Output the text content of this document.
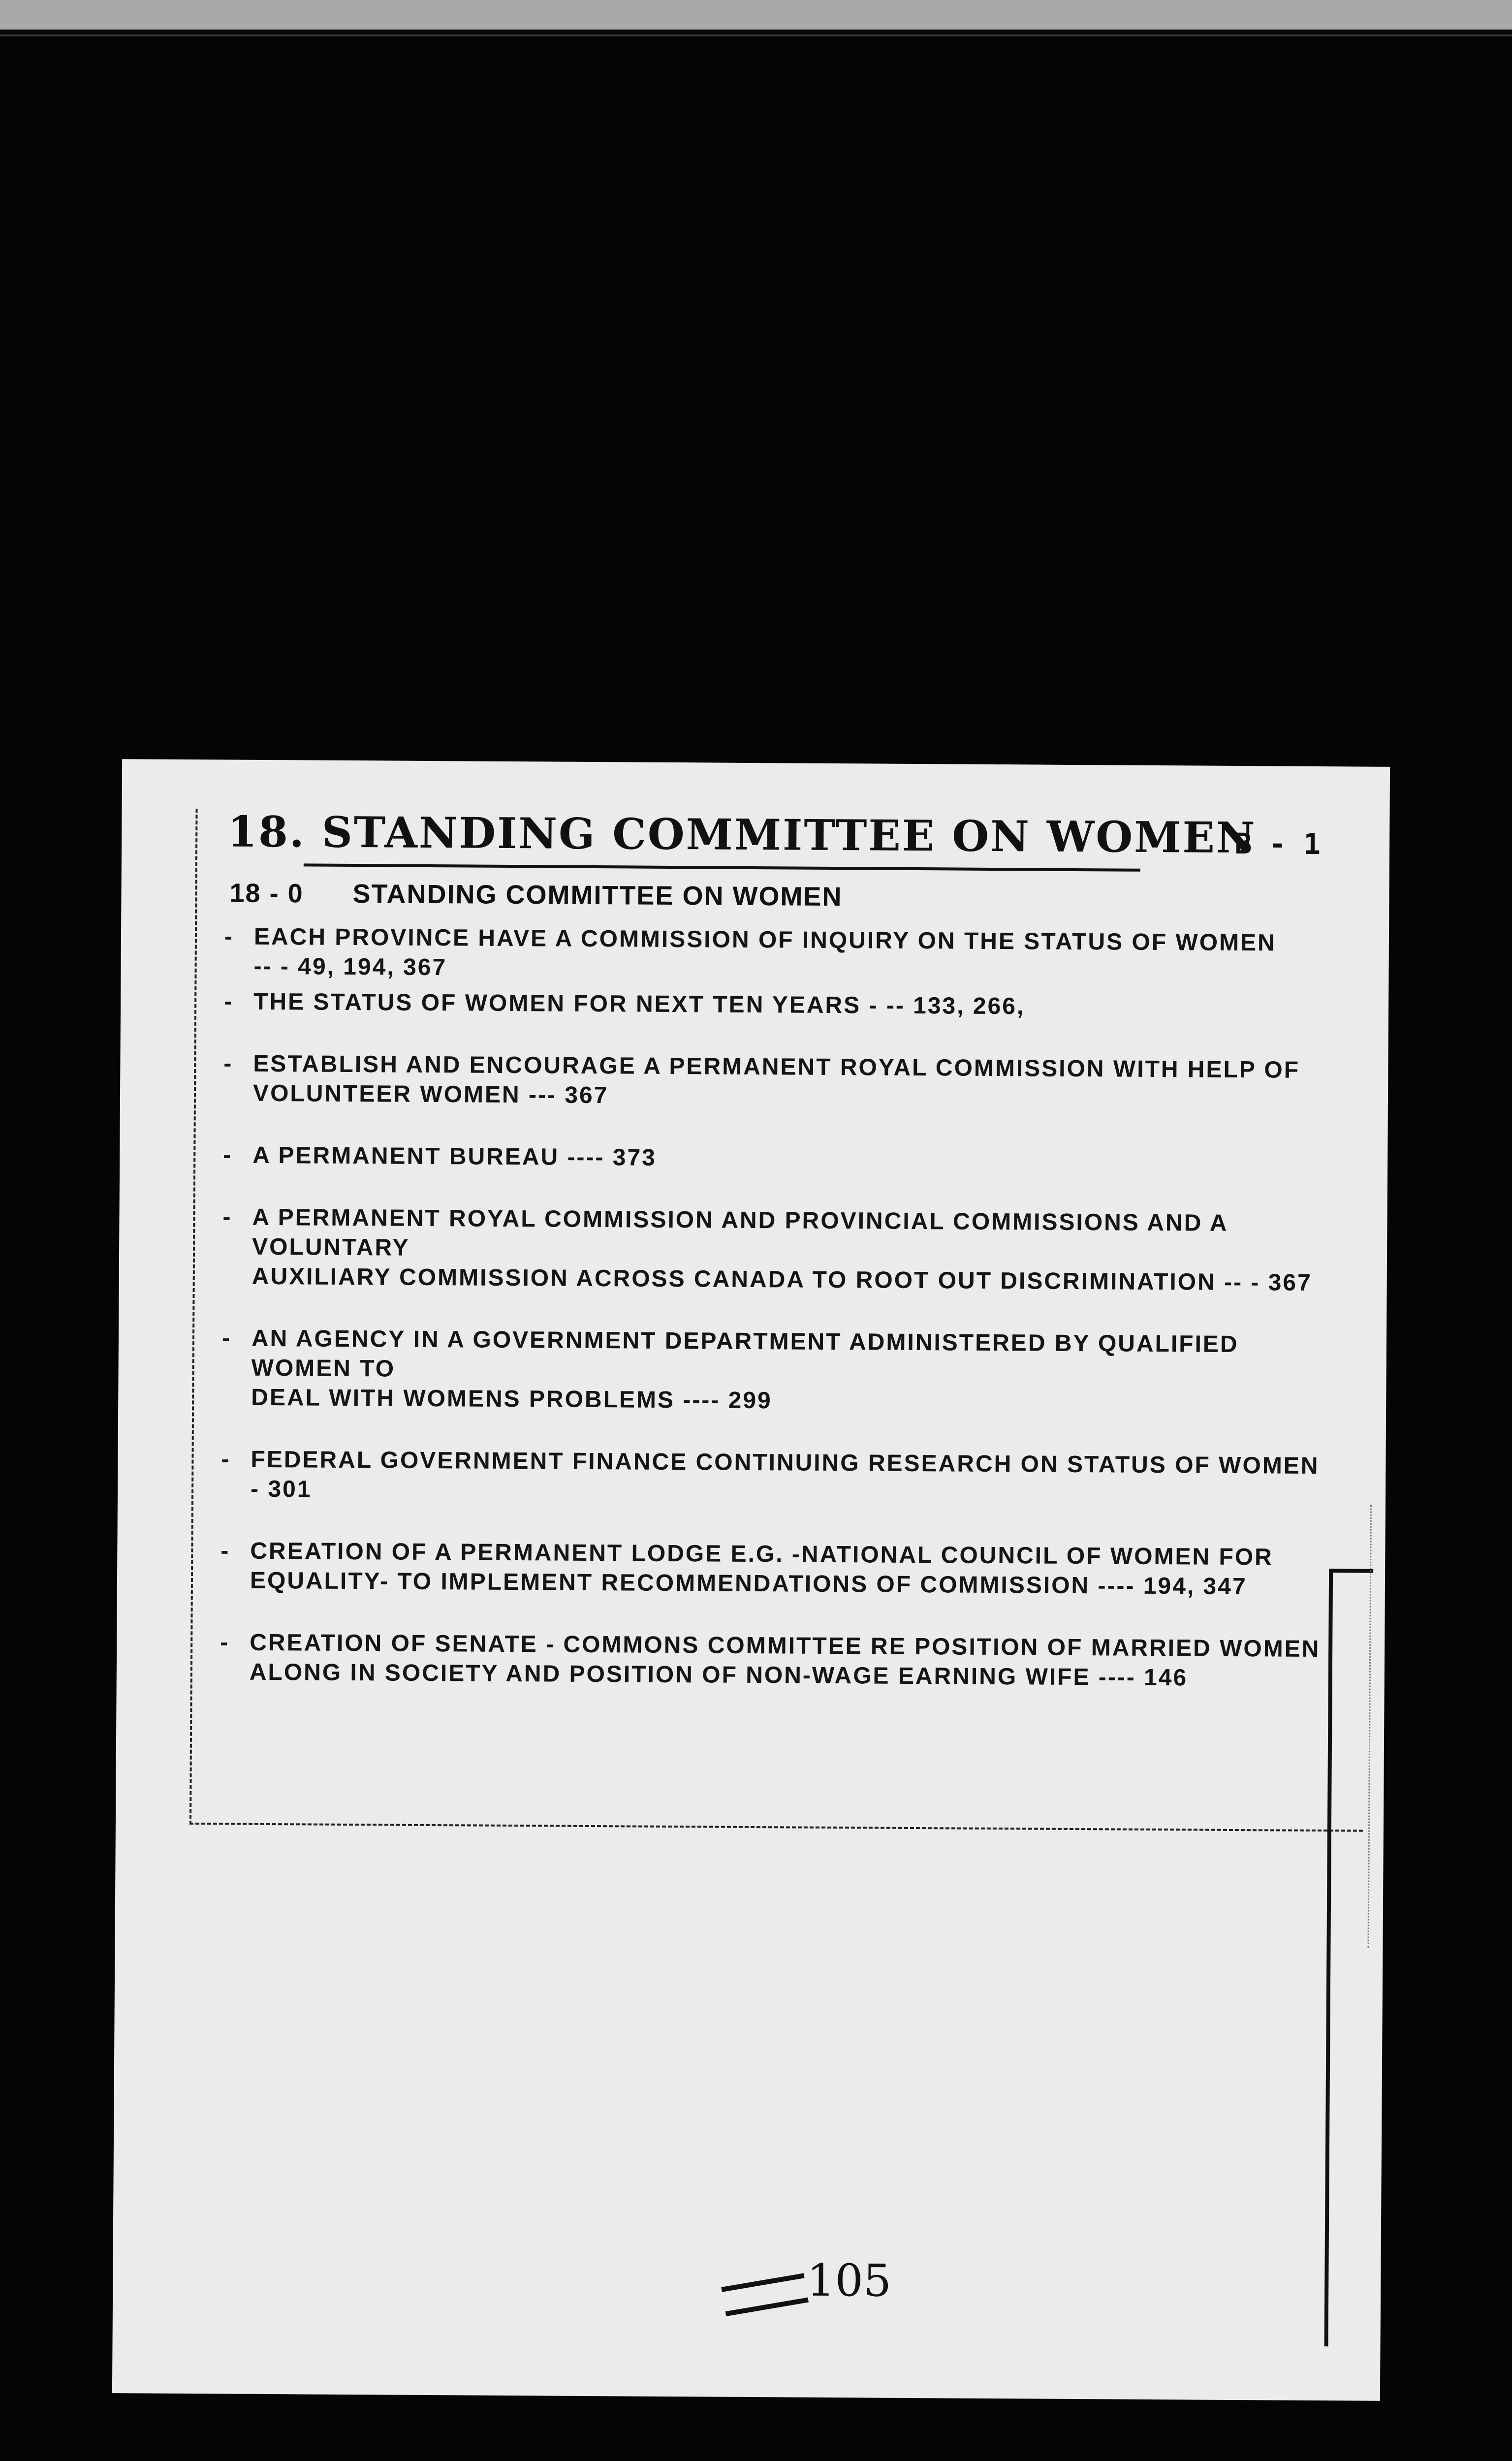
18. STANDING COMMITTEE ON WOMEN
B - 1
18 - 0 STANDING COMMITTEE ON WOMEN
- EACH PROVINCE HAVE A COMMISSION OF INQUIRY ON THE STATUS OF WOMEN
-- - 49, 194, 367
- THE STATUS OF WOMEN FOR NEXT TEN YEARS - -- 133, 266,
- ESTABLISH AND ENCOURAGE A PERMANENT ROYAL COMMISSION WITH HELP OF
VOLUNTEER WOMEN --- 367
- A PERMANENT BUREAU ---- 373
- A PERMANENT ROYAL COMMISSION AND PROVINCIAL COMMISSIONS AND A VOLUNTARY
AUXILIARY COMMISSION ACROSS CANADA TO ROOT OUT DISCRIMINATION -- - 367
- AN AGENCY IN A GOVERNMENT DEPARTMENT ADMINISTERED BY QUALIFIED WOMEN TO
DEAL WITH WOMENS PROBLEMS ---- 299
- FEDERAL GOVERNMENT FINANCE CONTINUING RESEARCH ON STATUS OF WOMEN - 301
- CREATION OF A PERMANENT LODGE E.G. -NATIONAL COUNCIL OF WOMEN FOR
EQUALITY- TO IMPLEMENT RECOMMENDATIONS OF COMMISSION ---- 194, 347
- CREATION OF SENATE - COMMONS COMMITTEE RE POSITION OF MARRIED WOMEN
ALONG IN SOCIETY AND POSITION OF NON-WAGE EARNING WIFE ---- 146
105
